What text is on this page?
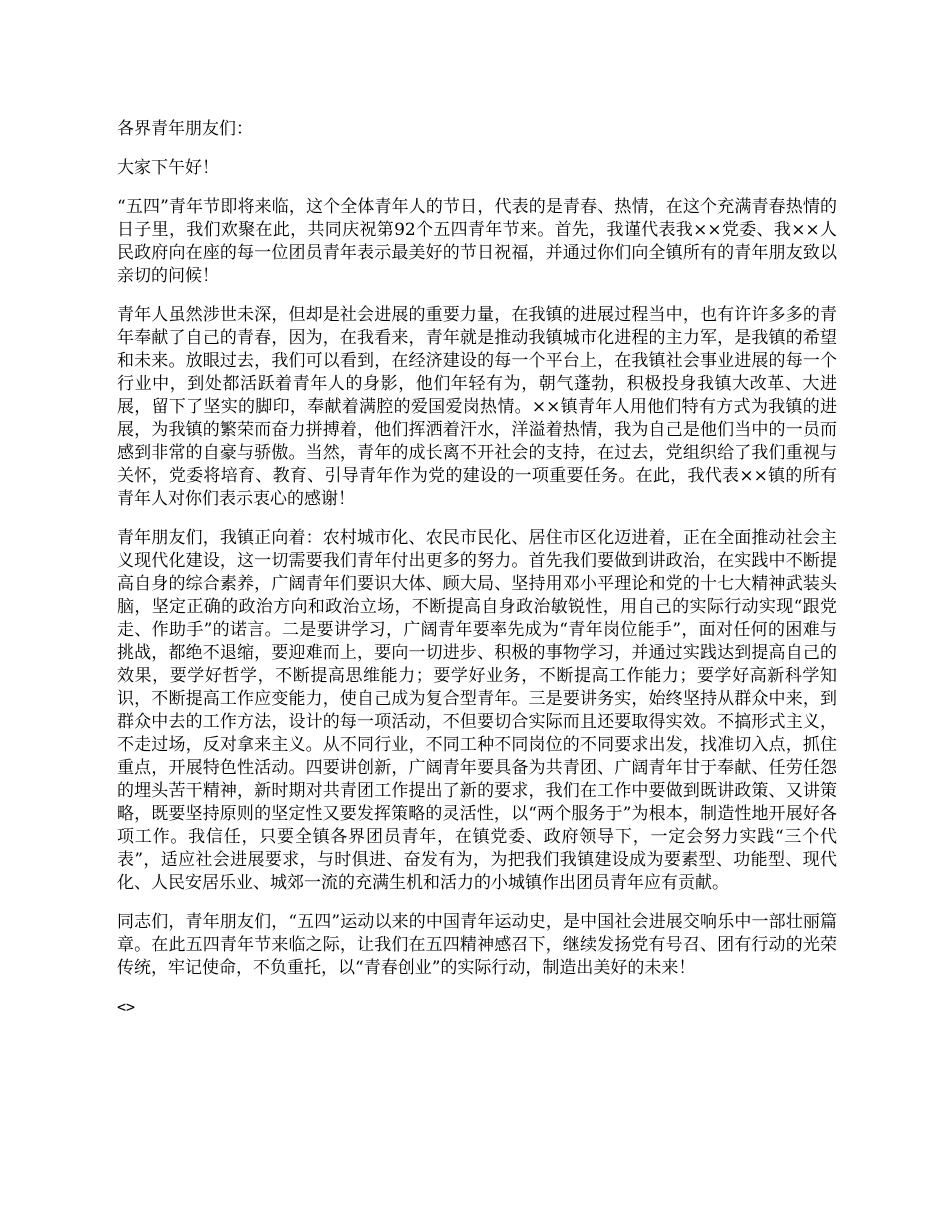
各界青年朋友们：

大家下午好！

“五四”青年节即将来临，这个全体青年人的节日，代表的是青春、热情，在这个充满青春热情的日子里，我们欢聚在此，共同庆祝第92个五四青年节来。首先，我谨代表我××党委、我××人民政府向在座的每一位团员青年表示最美好的节日祝福，并通过你们向全镇所有的青年朋友致以亲切的问候！

青年人虽然涉世未深，但却是社会进展的重要力量，在我镇的进展过程当中，也有许许多多的青年奉献了自己的青春，因为，在我看来，青年就是推动我镇城市化进程的主力军，是我镇的希望和未来。放眼过去，我们可以看到，在经济建设的每一个平台上，在我镇社会事业进展的每一个行业中，到处都活跃着青年人的身影，他们年轻有为，朝气蓬勃，积极投身我镇大改革、大进展，留下了坚实的脚印，奉献着满腔的爱国爱岗热情。××镇青年人用他们特有方式为我镇的进展，为我镇的繁荣而奋力拼搏着，他们挥洒着汗水，洋溢着热情，我为自己是他们当中的一员而感到非常的自豪与骄傲。当然，青年的成长离不开社会的支持，在过去，党组织给了我们重视与关怀，党委将培育、教育、引导青年作为党的建设的一项重要任务。在此，我代表××镇的所有青年人对你们表示衷心的感谢！

青年朋友们，我镇正向着：农村城市化、农民市民化、居住市区化迈进着，正在全面推动社会主义现代化建设，这一切需要我们青年付出更多的努力。首先我们要做到讲政治，在实践中不断提高自身的综合素养，广阔青年们要识大体、顾大局、坚持用邓小平理论和党的十七大精神武装头脑，坚定正确的政治方向和政治立场，不断提高自身政治敏锐性，用自己的实际行动实现“跟党走、作助手”的诺言。二是要讲学习，广阔青年要率先成为“青年岗位能手”，面对任何的困难与挑战，都绝不退缩，要迎难而上，要向一切进步、积极的事物学习，并通过实践达到提高自己的效果，要学好哲学，不断提高思维能力；要学好业务，不断提高工作能力；要学好高新科学知识，不断提高工作应变能力，使自己成为复合型青年。三是要讲务实，始终坚持从群众中来，到群众中去的工作方法，设计的每一项活动，不但要切合实际而且还要取得实效。不搞形式主义，不走过场，反对拿来主义。从不同行业，不同工种不同岗位的不同要求出发，找准切入点，抓住重点，开展特色性活动。四要讲创新，广阔青年要具备为共青团、广阔青年甘于奉献、任劳任怨的埋头苦干精神，新时期对共青团工作提出了新的要求，我们在工作中要做到既讲政策、又讲策略，既要坚持原则的坚定性又要发挥策略的灵活性，以“两个服务于”为根本，制造性地开展好各项工作。我信任，只要全镇各界团员青年，在镇党委、政府领导下，一定会努力实践“三个代表”，适应社会进展要求，与时俱进、奋发有为，为把我们我镇建设成为要素型、功能型、现代化、人民安居乐业、城郊一流的充满生机和活力的小城镇作出团员青年应有贡献。

同志们，青年朋友们，“五四”运动以来的中国青年运动史，是中国社会进展交响乐中一部壮丽篇章。在此五四青年节来临之际，让我们在五四精神感召下，继续发扬党有号召、团有行动的光荣传统，牢记使命，不负重托，以“青春创业”的实际行动，制造出美好的未来！

<>
